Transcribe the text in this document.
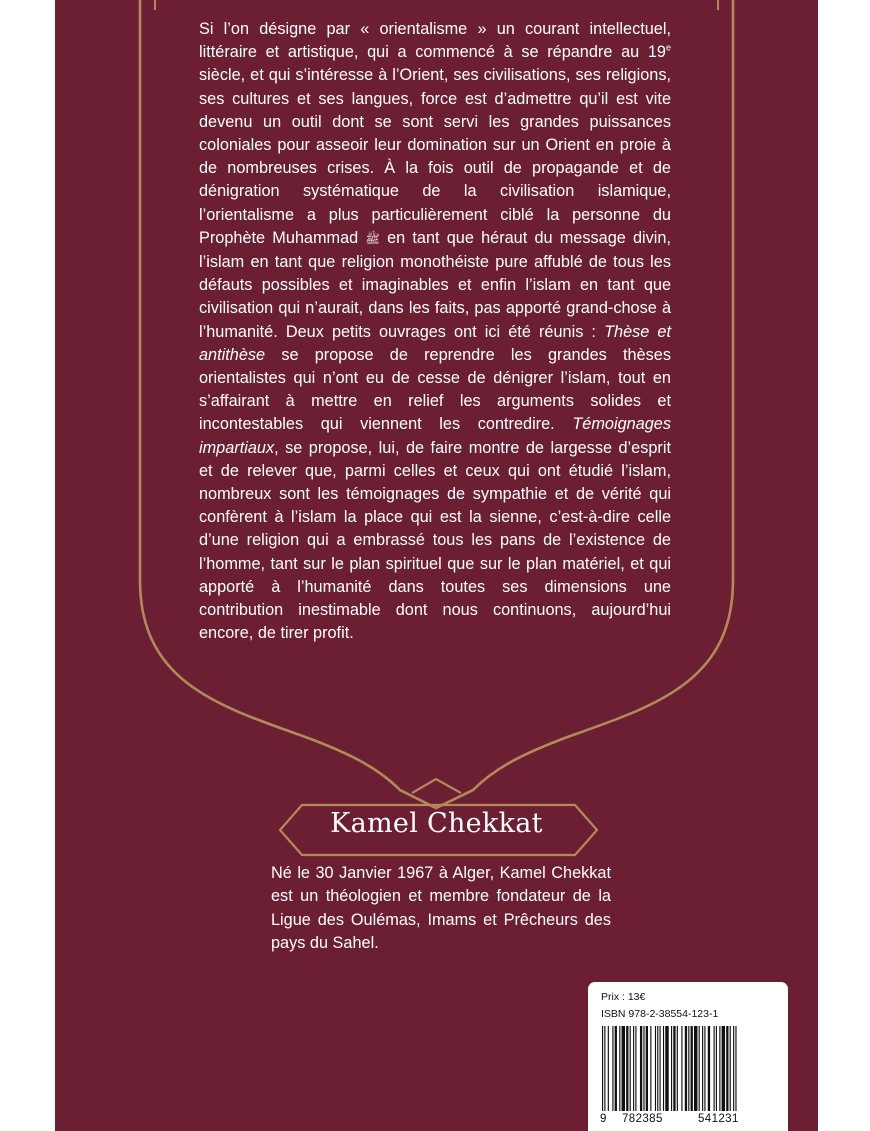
Si l’on désigne par « orientalisme » un courant intellectuel, littéraire et artistique, qui a commencé à se répandre au 19e siècle, et qui s’intéresse à l’Orient, ses civilisations, ses religions, ses cultures et ses langues, force est d’admettre qu’il est vite devenu un outil dont se sont servi les grandes puissances coloniales pour asseoir leur domination sur un Orient en proie à de nombreuses crises. À la fois outil de propagande et de dénigration systématique de la civilisation islamique, l’orientalisme a plus particulièrement ciblé la personne du Prophète Muhammad ﷺ en tant que héraut du message divin, l’islam en tant que religion monothéiste pure affublé de tous les défauts possibles et imaginables et enfin l’islam en tant que civilisation qui n’aurait, dans les faits, pas apporté grand-chose à l’humanité. Deux petits ouvrages ont ici été réunis : Thèse et antithèse se propose de reprendre les grandes thèses orientalistes qui n’ont eu de cesse de dénigrer l’islam, tout en s’affairant à mettre en relief les arguments solides et incontestables qui viennent les contredire. Témoignages impartiaux, se propose, lui, de faire montre de largesse d’esprit et de relever que, parmi celles et ceux qui ont étudié l’islam, nombreux sont les témoignages de sympathie et de vérité qui confèrent à l’islam la place qui est la sienne, c’est-à-dire celle d’une religion qui a embrassé tous les pans de l’existence de l’homme, tant sur le plan spirituel que sur le plan matériel, et qui apporté à l’humanité dans toutes ses dimensions une contribution inestimable dont nous continuons, aujourd’hui encore, de tirer profit.

Kamel Chekkat

Né le 30 Janvier 1967 à Alger, Kamel Chekkat est un théologien et membre fondateur de la Ligue des Oulémas, Imams et Prêcheurs des pays du Sahel.

Prix : 13€
ISBN 978-2-38554-123-1
9 782385	541231
